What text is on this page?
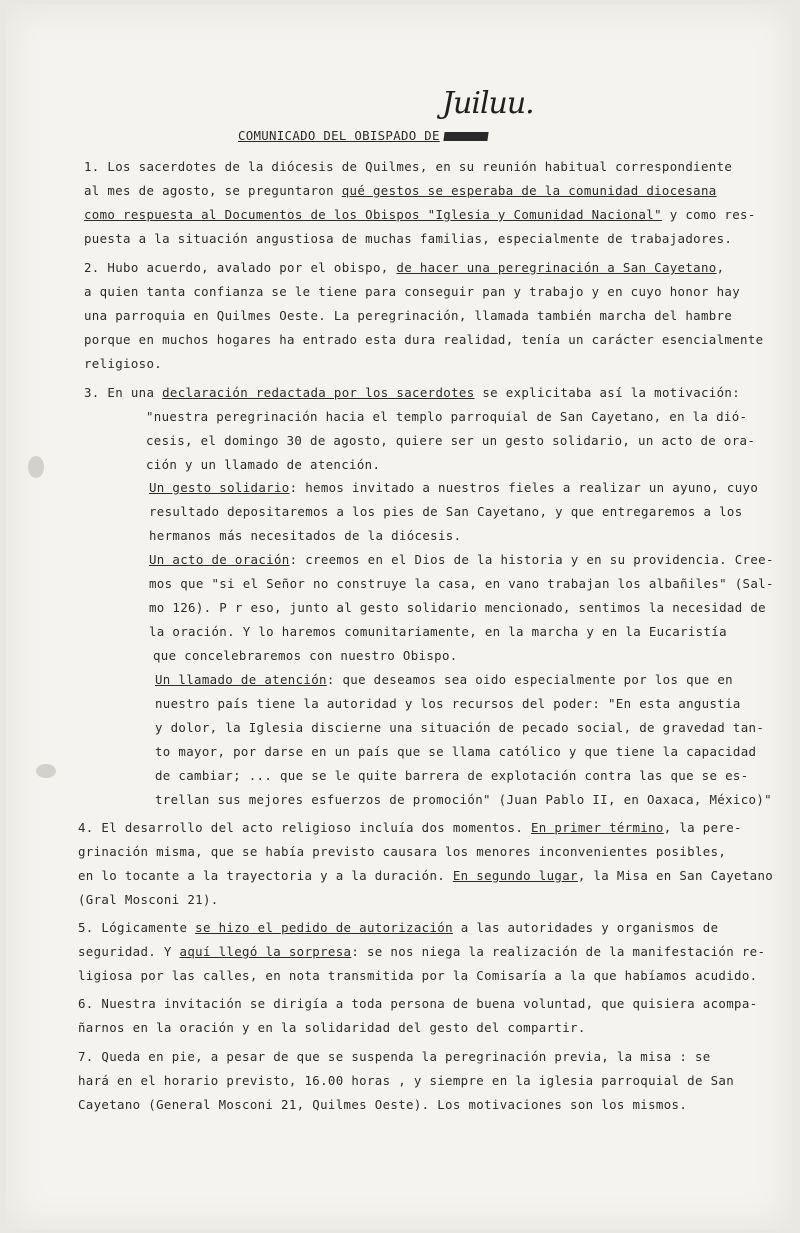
Juiluu.
COMUNICADO DEL OBISPADO DE
1. Los sacerdotes de la diócesis de Quilmes, en su reunión habitual correspondiente
al mes de agosto, se preguntaron qué gestos se esperaba de la comunidad diocesana
como respuesta al Documentos de los Obispos "Iglesia y Comunidad Nacional" y como res-
puesta a la situación angustiosa de muchas familias, especialmente de trabajadores.
2. Hubo acuerdo, avalado por el obispo, de hacer una peregrinación a San Cayetano,
a quien tanta confianza se le tiene para conseguir pan y trabajo y en cuyo honor hay
una parroquia en Quilmes Oeste. La peregrinación, llamada también marcha del hambre
porque en muchos hogares ha entrado esta dura realidad, tenía un carácter esencialmente
religioso.
3. En una declaración redactada por los sacerdotes se explicitaba así la motivación:
"nuestra peregrinación hacia el templo parroquial de San Cayetano, en la dió-
cesis, el domingo 30 de agosto, quiere ser un gesto solidario, un acto de ora-
ción y un llamado de atención.
Un gesto solidario: hemos invitado a nuestros fieles a realizar un ayuno, cuyo
resultado depositaremos a los pies de San Cayetano, y que entregaremos a los
hermanos más necesitados de la diócesis.
Un acto de oración: creemos en el Dios de la historia y en su providencia. Cree-
mos que "si el Señor no construye la casa, en vano trabajan los albañiles" (Sal-
mo 126). P r eso, junto al gesto solidario mencionado, sentimos la necesidad de
la oración. Y lo haremos comunitariamente, en la marcha y en la Eucaristía
que concelebraremos con nuestro Obispo.
Un llamado de atención: que deseamos sea oido especialmente por los que en
nuestro país tiene la autoridad y los recursos del poder: "En esta angustia
y dolor, la Iglesia discierne una situación de pecado social, de gravedad tan-
to mayor, por darse en un país que se llama católico y que tiene la capacidad
de cambiar; ... que se le quite barrera de explotación contra las que se es-
trellan sus mejores esfuerzos de promoción" (Juan Pablo II, en Oaxaca, México)"
4. El desarrollo del acto religioso incluía dos momentos. En primer término, la pere-
grinación misma, que se había previsto causara los menores inconvenientes posibles,
en lo tocante a la trayectoria y a la duración. En segundo lugar, la Misa en San Cayetano
(Gral Mosconi 21).
5. Lógicamente se hizo el pedido de autorización a las autoridades y organismos de
seguridad. Y aquí llegó la sorpresa: se nos niega la realización de la manifestación re-
ligiosa por las calles, en nota transmitida por la Comisaría a la que habíamos acudido.
6. Nuestra invitación se dirigía a toda persona de buena voluntad, que quisiera acompa-
ñarnos en la oración y en la solidaridad del gesto del compartir.
7. Queda en pie, a pesar de que se suspenda la peregrinación previa, la misa : se
hará en el horario previsto, 16.00 horas , y siempre en la iglesia parroquial de San
Cayetano (General Mosconi 21, Quilmes Oeste). Los motivaciones son los mismos.
